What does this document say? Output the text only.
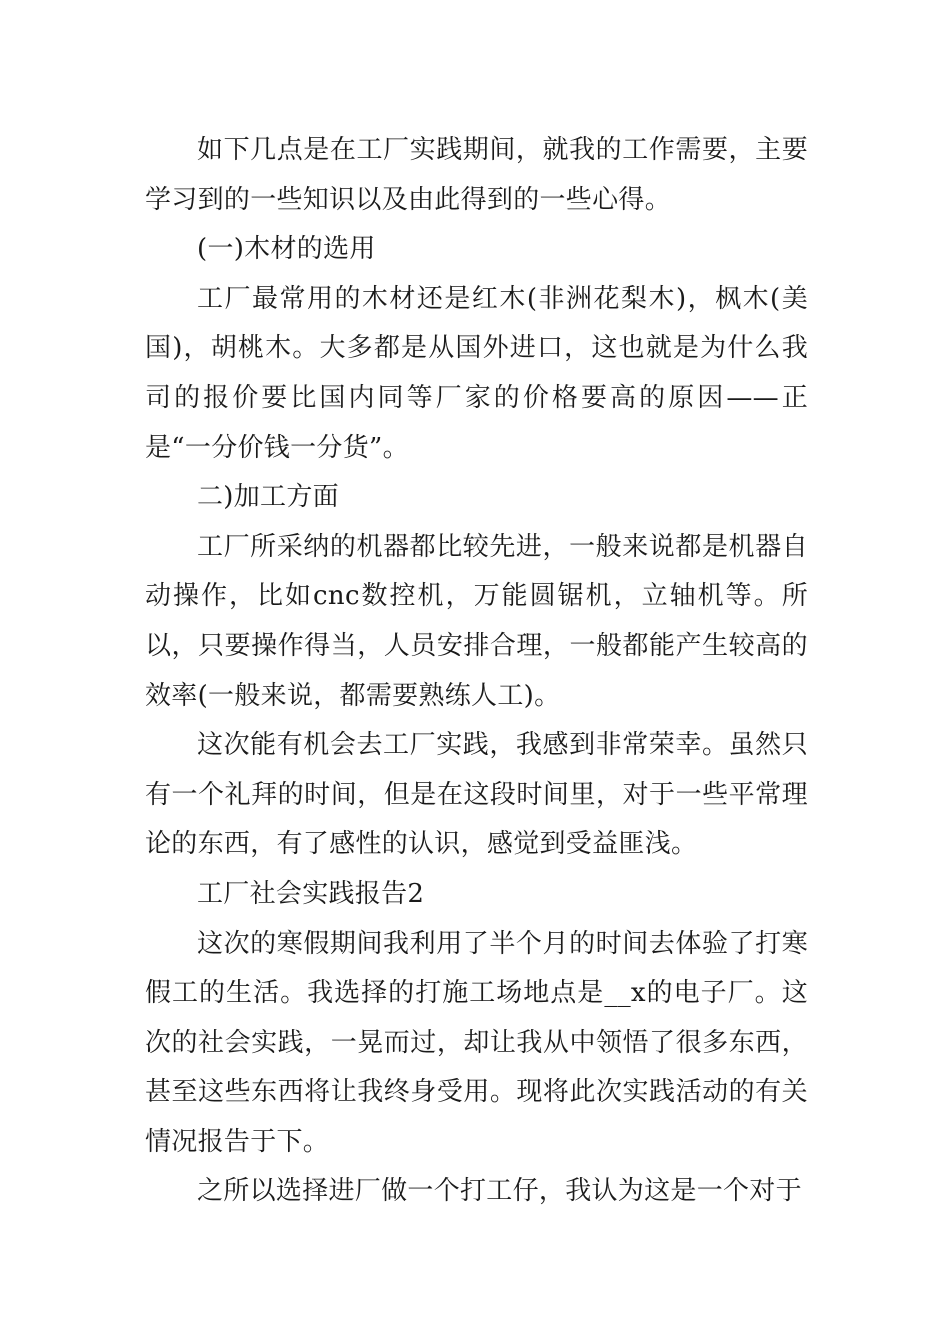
如下几点是在工厂实践期间，就我的工作需要，主要学习到的一些知识以及由此得到的一些心得。

(一)木材的选用

工厂最常用的木材还是红木(非洲花梨木)，枫木(美国)，胡桃木。大多都是从国外进口，这也就是为什么我司的报价要比国内同等厂家的价格要高的原因——正是“一分价钱一分货”。

二)加工方面

工厂所采纳的机器都比较先进，一般来说都是机器自动操作，比如cnc数控机，万能圆锯机，立轴机等。所以，只要操作得当，人员安排合理，一般都能产生较高的效率(一般来说，都需要熟练人工)。

这次能有机会去工厂实践，我感到非常荣幸。虽然只有一个礼拜的时间，但是在这段时间里，对于一些平常理论的东西，有了感性的认识，感觉到受益匪浅。

工厂社会实践报告2

这次的寒假期间我利用了半个月的时间去体验了打寒假工的生活。我选择的打施工场地点是__x的电子厂。这次的社会实践，一晃而过，却让我从中领悟了很多东西，甚至这些东西将让我终身受用。现将此次实践活动的有关情况报告于下。

之所以选择进厂做一个打工仔，我认为这是一个对于
